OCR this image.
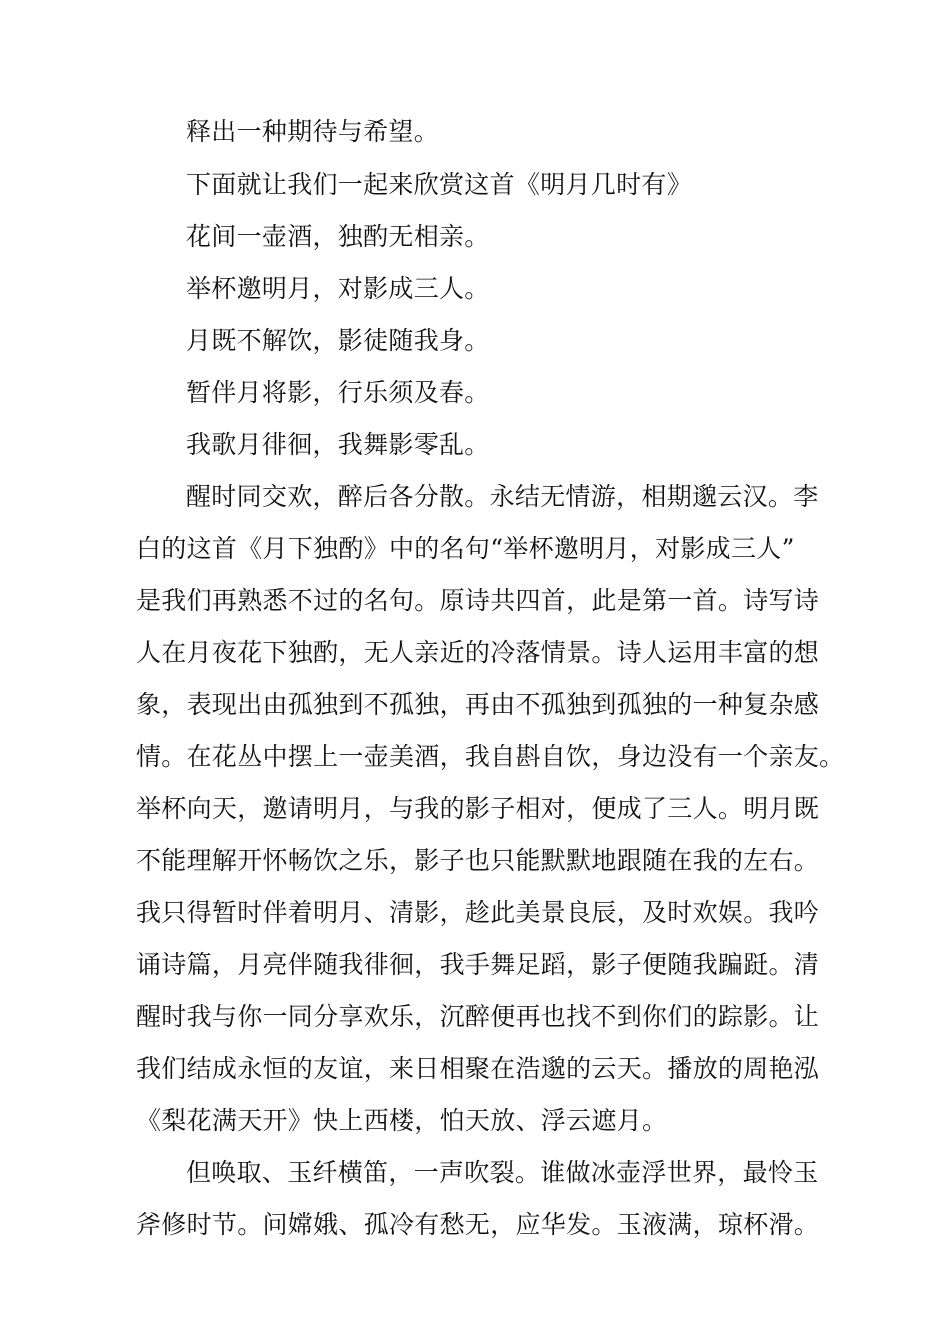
释出一种期待与希望。
下面就让我们一起来欣赏这首《明月几时有》
花间一壶酒，独酌无相亲。
举杯邀明月，对影成三人。
月既不解饮，影徒随我身。
暂伴月将影，行乐须及春。
我歌月徘徊，我舞影零乱。
醒时同交欢，醉后各分散。永结无情游，相期邈云汉。李
白的这首《月下独酌》中的名句“举杯邀明月，对影成三人”
是我们再熟悉不过的名句。原诗共四首，此是第一首。诗写诗
人在月夜花下独酌，无人亲近的冷落情景。诗人运用丰富的想
象，表现出由孤独到不孤独，再由不孤独到孤独的一种复杂感
情。在花丛中摆上一壶美酒，我自斟自饮，身边没有一个亲友。
举杯向天，邀请明月，与我的影子相对，便成了三人。明月既
不能理解开怀畅饮之乐，影子也只能默默地跟随在我的左右。
我只得暂时伴着明月、清影，趁此美景良辰，及时欢娱。我吟
诵诗篇，月亮伴随我徘徊，我手舞足蹈，影子便随我蹁跹。清
醒时我与你一同分享欢乐，沉醉便再也找不到你们的踪影。让
我们结成永恒的友谊，来日相聚在浩邈的云天。播放的周艳泓
《梨花满天开》快上西楼，怕天放、浮云遮月。
但唤取、玉纤横笛，一声吹裂。谁做冰壶浮世界，最怜玉
斧修时节。问嫦娥、孤冷有愁无，应华发。玉液满，琼杯滑。
